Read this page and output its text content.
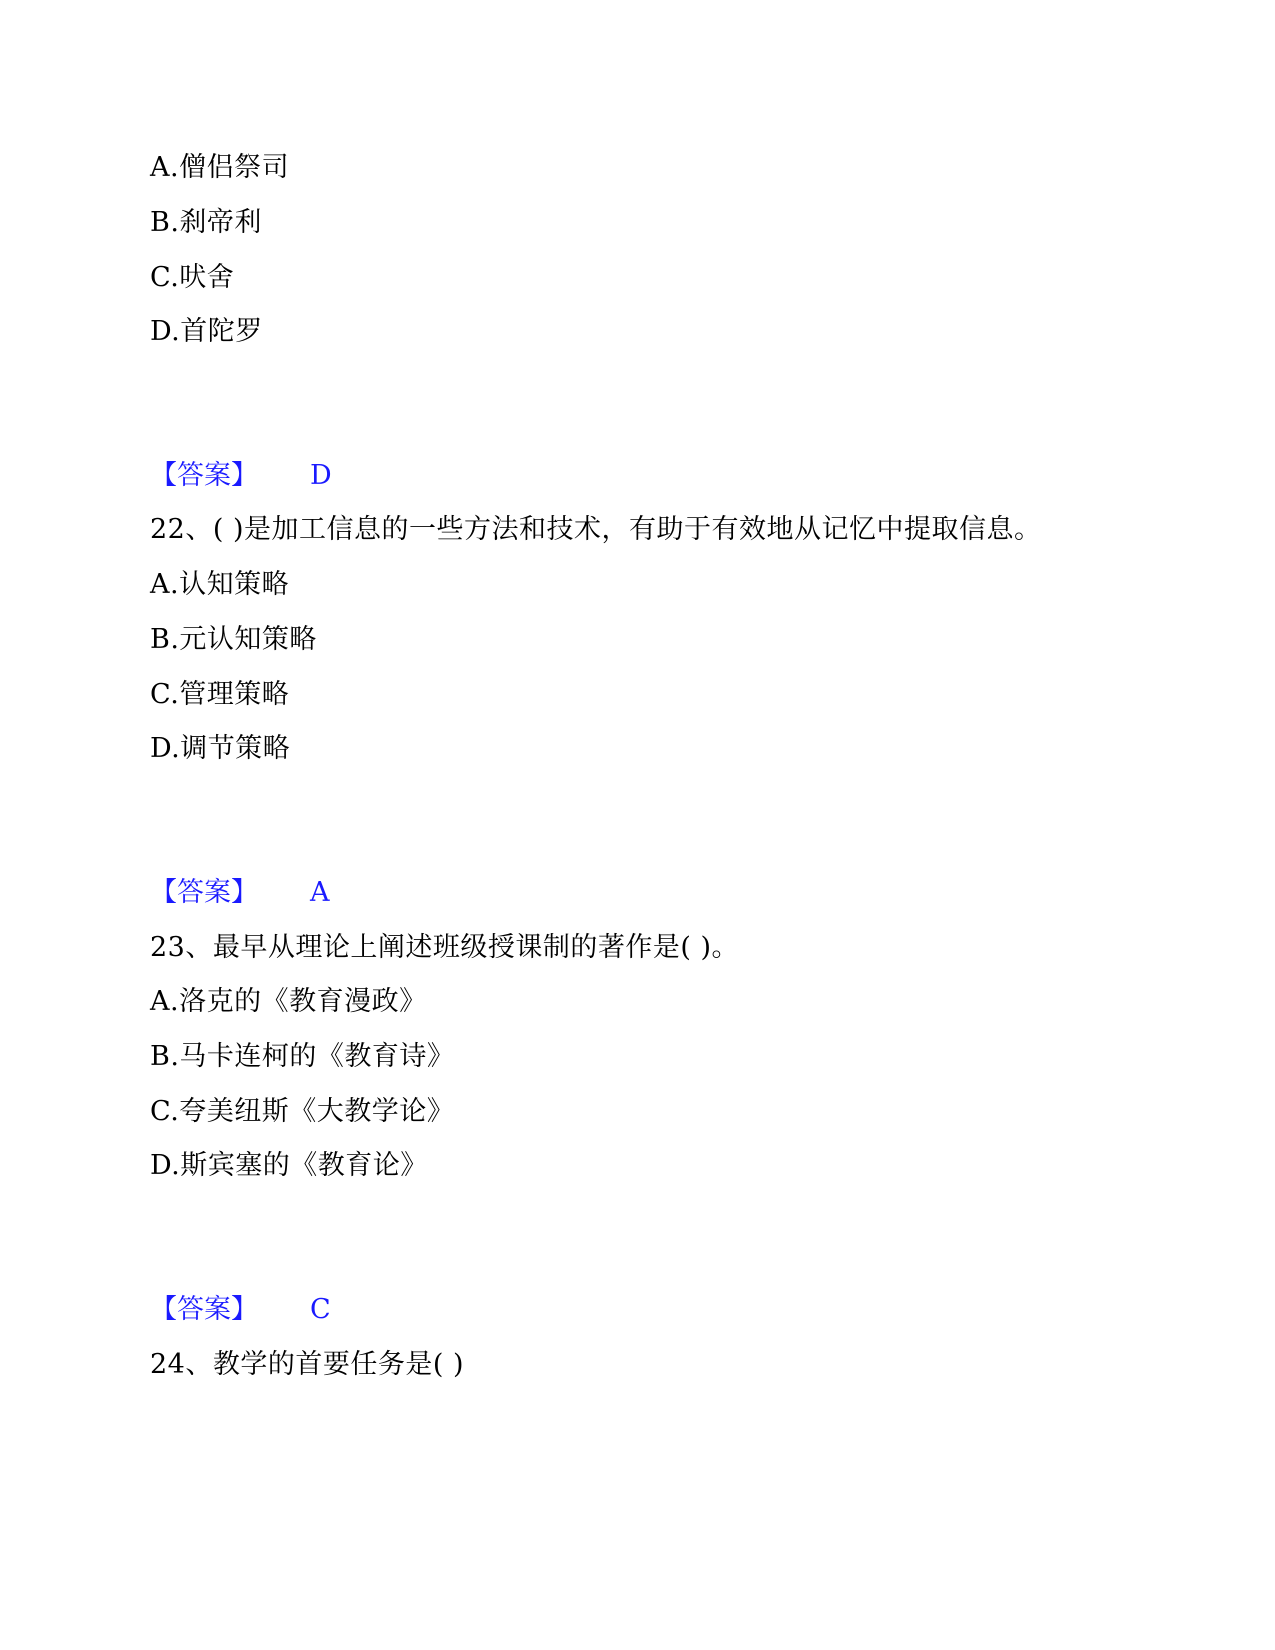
A.僧侣祭司
B.刹帝利
C.吠舍
D.首陀罗
【答案】 D
22、( )是加工信息的一些方法和技术，有助于有效地从记忆中提取信息。
A.认知策略
B.元认知策略
C.管理策略
D.调节策略
【答案】 A
23、最早从理论上阐述班级授课制的著作是( )。
A.洛克的《教育漫政》
B.马卡连柯的《教育诗》
C.夸美纽斯《大教学论》
D.斯宾塞的《教育论》
【答案】 C
24、教学的首要任务是( )
